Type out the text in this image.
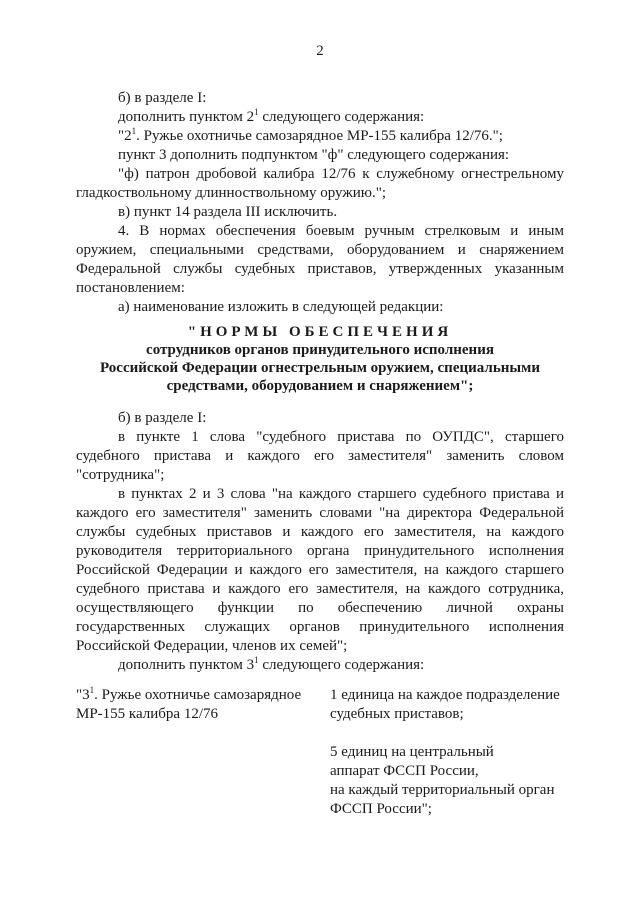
2

б) в разделе I:

дополнить пунктом $2^1$ следующего содержания:

"$2^1$. Ружье охотничье самозарядное МР-155 калибра 12/76.";

пункт 3 дополнить подпунктом "ф" следующего содержания:

"ф) патрон дробовой калибра 12/76 к служебному огнестрельному гладкоствольному длинноствольному оружию.";

в) пункт 14 раздела III исключить.

4. В нормах обеспечения боевым ручным стрелковым и иным оружием, специальными средствами, оборудованием и снаряжением Федеральной службы судебных приставов, утвержденных указанным постановлением:

а) наименование изложить в следующей редакции:

"НОРМЫ ОБЕСПЕЧЕНИЯ
сотрудников органов принудительного исполнения
Российской Федерации огнестрельным оружием, специальными
средствами, оборудованием и снаряжением";

б) в разделе I:

в пункте 1 слова "судебного пристава по ОУПДС", старшего судебного пристава и каждого его заместителя" заменить словом "сотрудника";

в пунктах 2 и 3 слова "на каждого старшего судебного пристава и каждого его заместителя" заменить словами "на директора Федеральной службы судебных приставов и каждого его заместителя, на каждого руководителя территориального органа принудительного исполнения Российской Федерации и каждого его заместителя, на каждого старшего судебного пристава и каждого его заместителя, на каждого сотрудника, осуществляющего функции по обеспечению личной охраны государственных служащих органов принудительного исполнения Российской Федерации, членов их семей";

дополнить пунктом $3^1$ следующего содержания:

"$3^1$. Ружье охотничье самозарядное
МР-155 калибра 12/76
1 единица на каждое подразделение
судебных приставов;
5 единиц на центральный
аппарат ФССП России,
на каждый территориальный орган
ФССП России";
